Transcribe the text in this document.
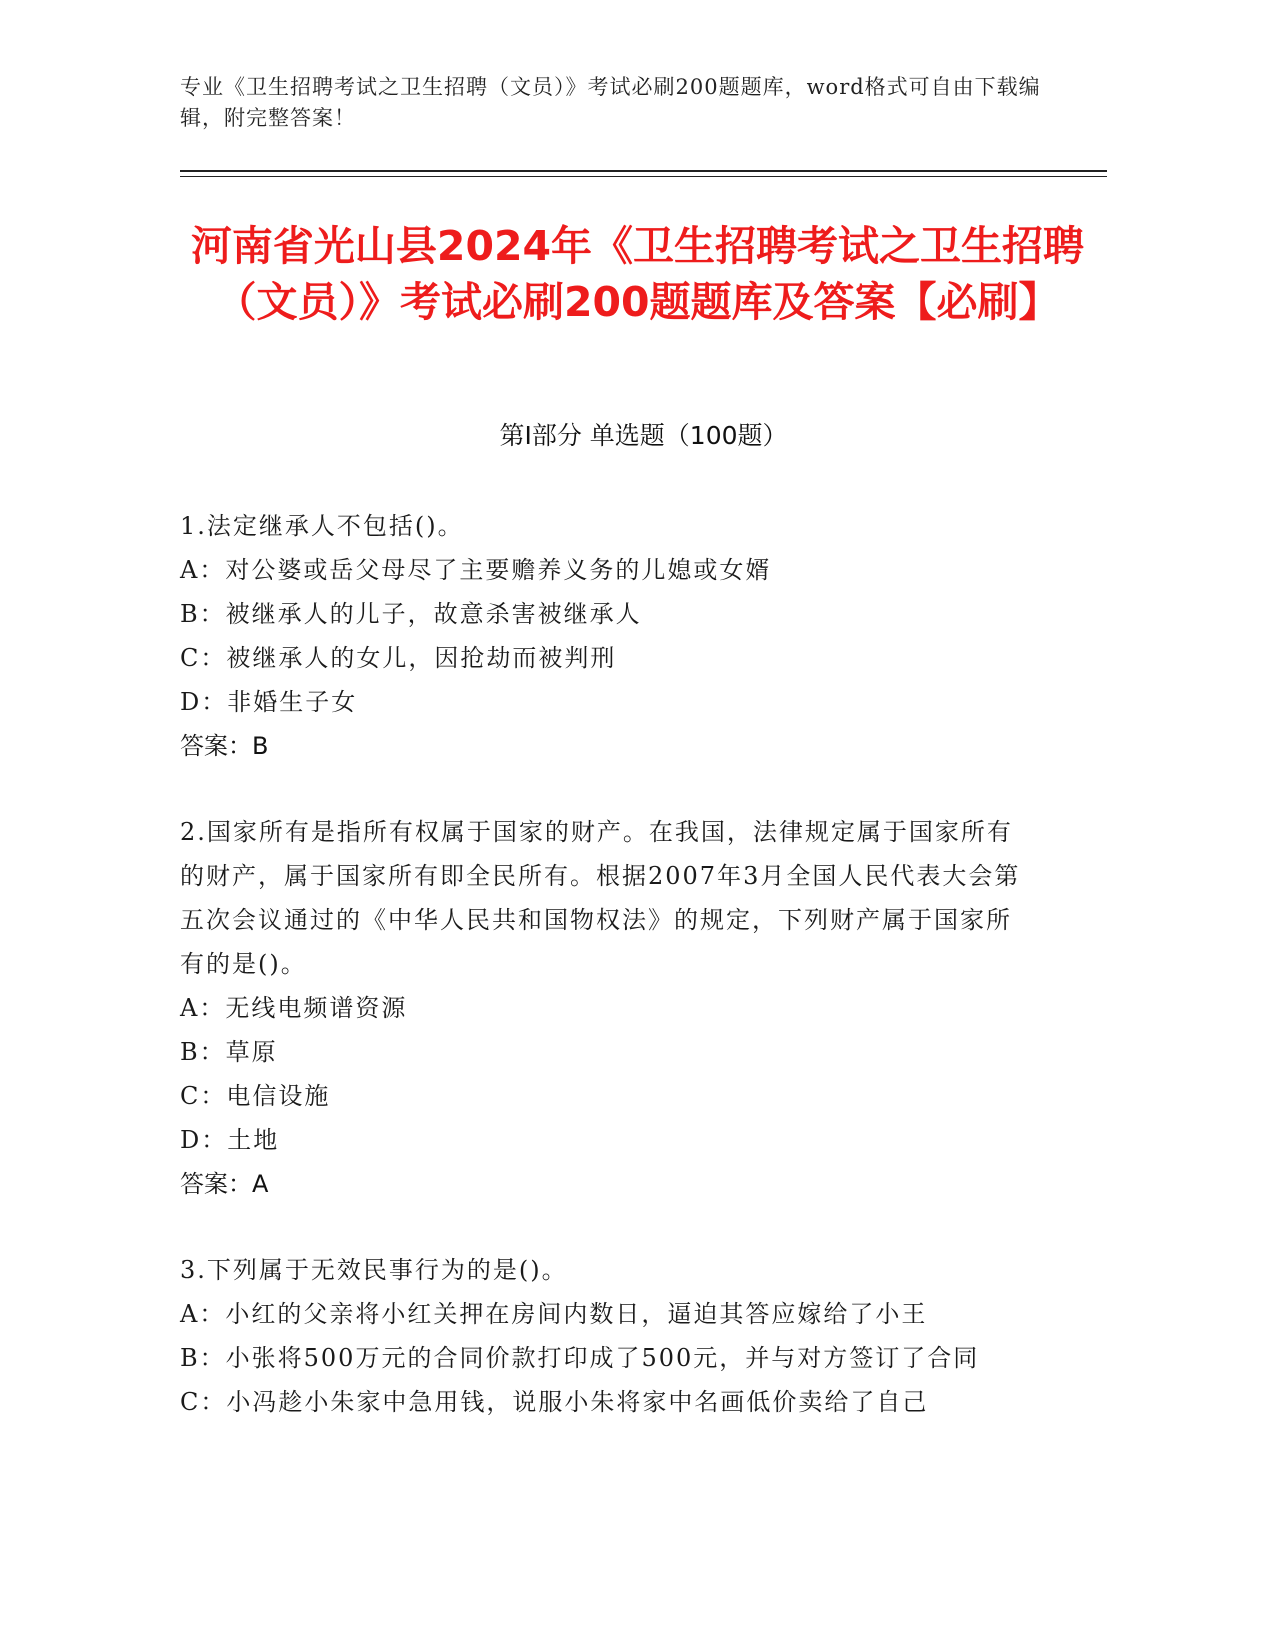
专业《卫生招聘考试之卫生招聘（文员）》考试必刷200题题库，word格式可自由下载编辑，附完整答案！
河南省光山县2024年《卫生招聘考试之卫生招聘（文员）》考试必刷200题题库及答案【必刷】
第I部分 单选题（100题）
1.法定继承人不包括()。
A：对公婆或岳父母尽了主要赡养义务的儿媳或女婿
B：被继承人的儿子，故意杀害被继承人
C：被继承人的女儿，因抢劫而被判刑
D：非婚生子女
答案：B
2.国家所有是指所有权属于国家的财产。在我国，法律规定属于国家所有的财产，属于国家所有即全民所有。根据2007年3月全国人民代表大会第五次会议通过的《中华人民共和国物权法》的规定，下列财产属于国家所有的是()。
A：无线电频谱资源
B：草原
C：电信设施
D：土地
答案：A
3.下列属于无效民事行为的是()。
A：小红的父亲将小红关押在房间内数日，逼迫其答应嫁给了小王
B：小张将500万元的合同价款打印成了500元，并与对方签订了合同
C：小冯趁小朱家中急用钱，说服小朱将家中名画低价卖给了自己
